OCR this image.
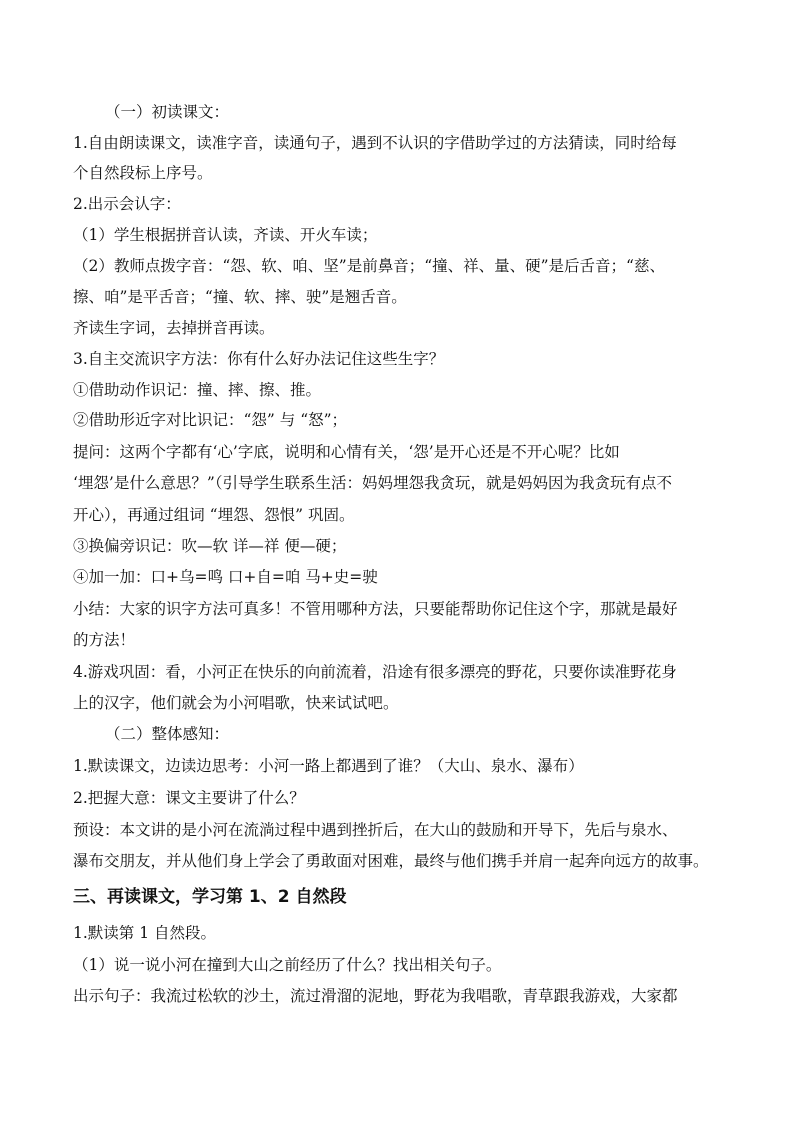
（一）初读课文：
1.自由朗读课文，读准字音，读通句子，遇到不认识的字借助学过的方法猜读，同时给每
个自然段标上序号。
2.出示会认字：
（1）学生根据拼音认读，齐读、开火车读；
（2）教师点拨字音：“怨、软、咱、坚”是前鼻音；“撞、祥、量、硬”是后舌音；“慈、
擦、咱”是平舌音；“撞、软、摔、驶”是翘舌音。
齐读生字词，去掉拼音再读。
3.自主交流识字方法：你有什么好办法记住这些生字？
①借助动作识记：撞、摔、擦、推。
②借助形近字对比识记：“怨” 与 “怒”；
提问：这两个字都有‘心’字底，说明和心情有关，‘怨’是开心还是不开心呢？比如
‘埋怨’是什么意思？”（引导学生联系生活：妈妈埋怨我贪玩，就是妈妈因为我贪玩有点不
开心），再通过组词 “埋怨、怨恨” 巩固。
③换偏旁识记：吹—软 详—祥 便—硬；
④加一加：口+乌=鸣 口+自=咱 马+史=驶
小结：大家的识字方法可真多！不管用哪种方法，只要能帮助你记住这个字，那就是最好
的方法！
4.游戏巩固：看，小河正在快乐的向前流着，沿途有很多漂亮的野花，只要你读准野花身
上的汉字，他们就会为小河唱歌，快来试试吧。
（二）整体感知：
1.默读课文，边读边思考：小河一路上都遇到了谁？（大山、泉水、瀑布）
2.把握大意：课文主要讲了什么？
预设：本文讲的是小河在流淌过程中遇到挫折后，在大山的鼓励和开导下，先后与泉水、
瀑布交朋友，并从他们身上学会了勇敢面对困难，最终与他们携手并肩一起奔向远方的故事。
三、再读课文，学习第 1、2 自然段
1.默读第 1 自然段。
（1）说一说小河在撞到大山之前经历了什么？找出相关句子。
出示句子：我流过松软的沙土，流过滑溜的泥地，野花为我唱歌，青草跟我游戏，大家都
